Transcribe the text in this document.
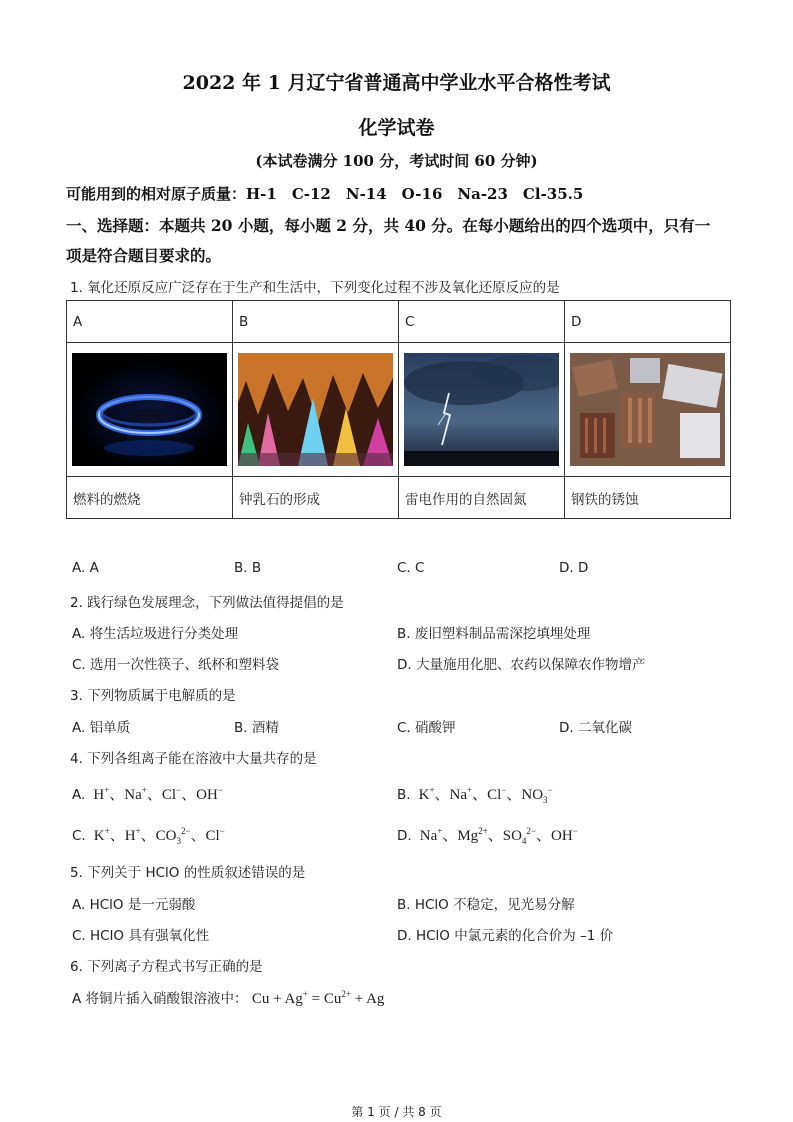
2022 年 1 月辽宁省普通高中学业水平合格性考试
化学试卷
(本试卷满分 100 分，考试时间 60 分钟)
可能用到的相对原子质量：H-1　C-12　N-14　O-16　Na-23　Cl-35.5
一、选择题：本题共 20 小题，每小题 2 分，共 40 分。在每小题给出的四个选项中，只有一
项是符合题目要求的。
1. 氧化还原反应广泛存在于生产和生活中，下列变化过程不涉及氧化还原反应的是
A	B	C	D

燃料的燃烧	钟乳石的形成	雷电作用的自然固氮	钢铁的锈蚀
A. A	B. B	C. C	D. D
2. 践行绿色发展理念，下列做法值得提倡的是
A. 将生活垃圾进行分类处理	B. 废旧塑料制品需深挖填埋处理
C. 选用一次性筷子、纸杯和塑料袋	D. 大量施用化肥、农药以保障农作物增产
3. 下列物质属于电解质的是
A. 铝单质	B. 酒精	C. 硝酸钾	D. 二氧化碳
4. 下列各组离子能在溶液中大量共存的是
A.  H+、Na+、Cl−、OH−	B.  K+、Na+、Cl−、$NO_3^-$
C.  K+、H+、$CO_3^{2-}$、Cl−	D.  Na+、$Mg^{2+}$、$SO_4^{2-}$、OH−
5. 下列关于 HClO 的性质叙述错误的是
A. HClO 是一元弱酸	B. HClO 不稳定，见光易分解
C. HClO 具有强氧化性	D. HClO 中氯元素的化合价为 –1 价
6. 下列离子方程式书写正确的是
A 将铜片插入硝酸银溶液中： $Cu + Ag^+ = Cu^{2+} + Ag$
第 1 页 / 共 8 页
